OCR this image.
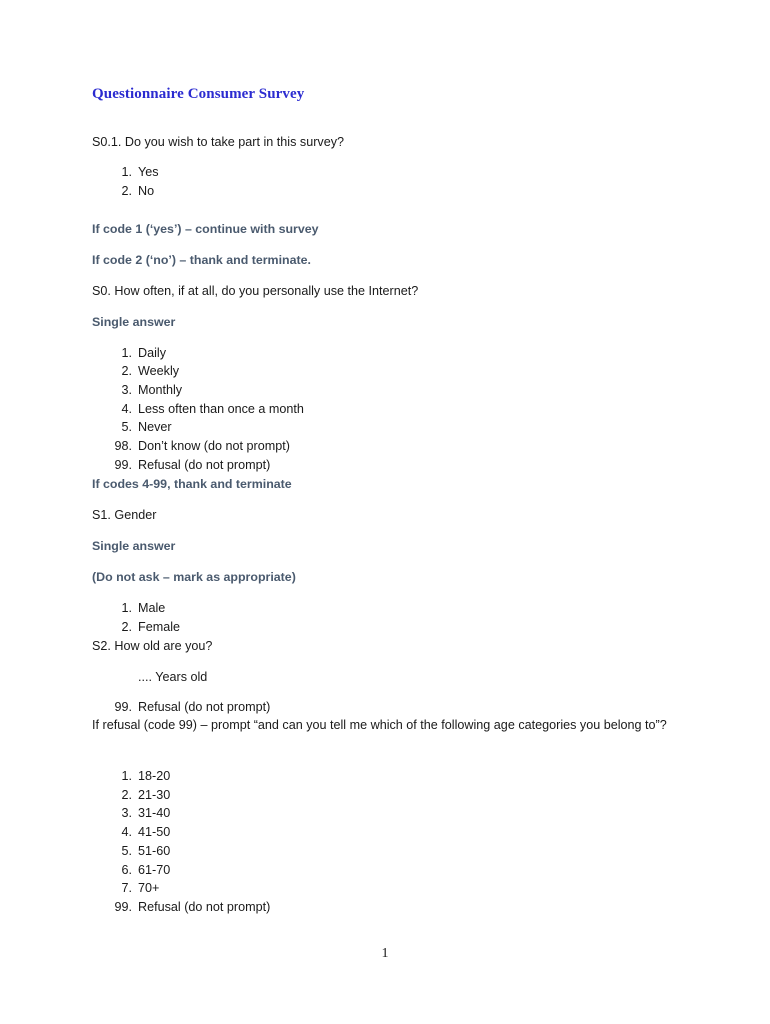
Questionnaire Consumer Survey
S0.1. Do you wish to take part in this survey?
1. Yes
2. No
If code 1 (‘yes’) – continue with survey
If code 2 (‘no’) – thank and terminate.
S0. How often, if at all, do you personally use the Internet?
Single answer
1. Daily
2. Weekly
3. Monthly
4. Less often than once a month
5. Never
98. Don’t know (do not prompt)
99. Refusal (do not prompt)
If codes 4-99, thank and terminate
S1. Gender
Single answer
(Do not ask – mark as appropriate)
1. Male
2. Female
S2. How old are you?
.... Years old
99. Refusal (do not prompt)
If refusal (code 99) – prompt “and can you tell me which of the following age categories you belong to”?
1. 18-20
2. 21-30
3. 31-40
4. 41-50
5. 51-60
6. 61-70
7. 70+
99. Refusal (do not prompt)
1
